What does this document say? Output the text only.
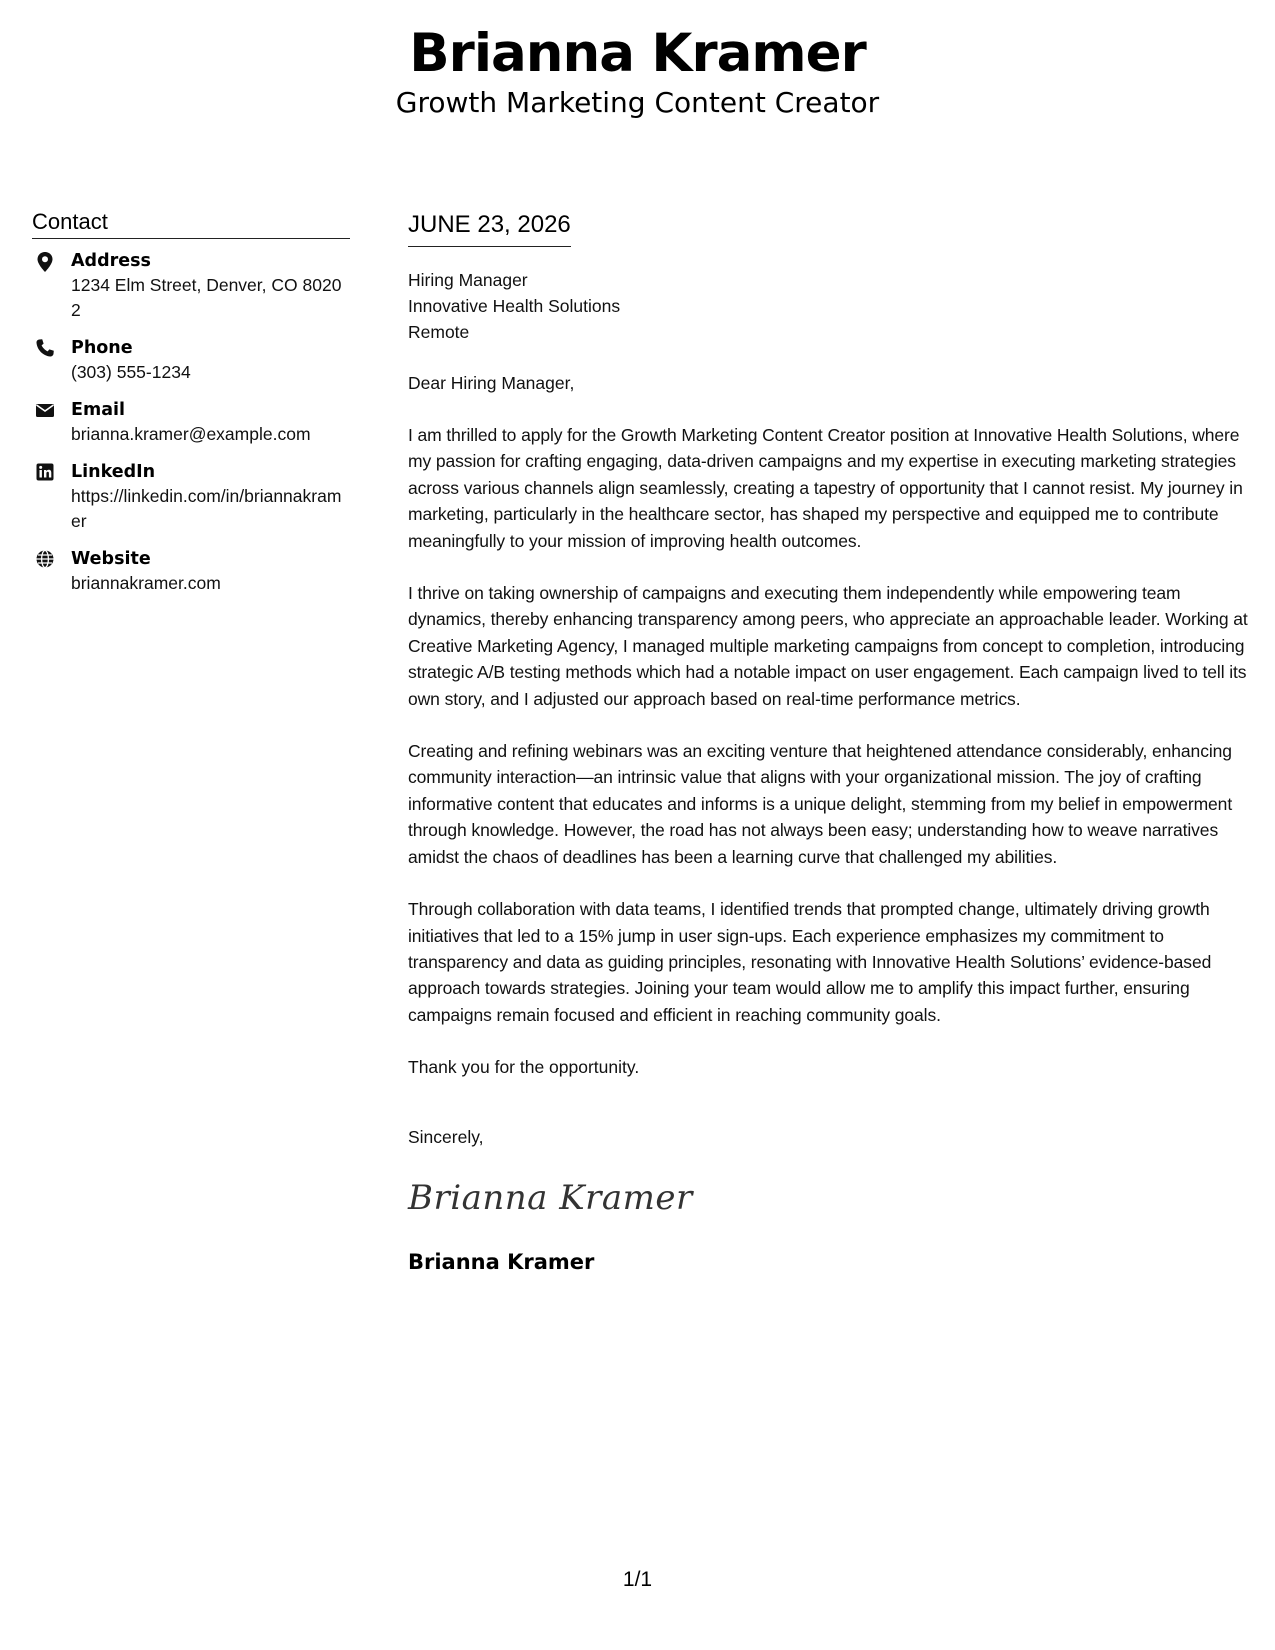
Brianna Kramer
Growth Marketing Content Creator
Contact
Address
1234 Elm Street, Denver, CO 80202
Phone
(303) 555-1234
Email
brianna.kramer@example.com
LinkedIn
https://linkedin.com/in/briannakramer
Website
briannakramer.com
JUNE 23, 2026
Hiring Manager
Innovative Health Solutions
Remote
Dear Hiring Manager,
I am thrilled to apply for the Growth Marketing Content Creator position at Innovative Health Solutions, where my passion for crafting engaging, data-driven campaigns and my expertise in executing marketing strategies across various channels align seamlessly, creating a tapestry of opportunity that I cannot resist. My journey in marketing, particularly in the healthcare sector, has shaped my perspective and equipped me to contribute meaningfully to your mission of improving health outcomes.
I thrive on taking ownership of campaigns and executing them independently while empowering team dynamics, thereby enhancing transparency among peers, who appreciate an approachable leader. Working at Creative Marketing Agency, I managed multiple marketing campaigns from concept to completion, introducing strategic A/B testing methods which had a notable impact on user engagement. Each campaign lived to tell its own story, and I adjusted our approach based on real-time performance metrics.
Creating and refining webinars was an exciting venture that heightened attendance considerably, enhancing community interaction—an intrinsic value that aligns with your organizational mission. The joy of crafting informative content that educates and informs is a unique delight, stemming from my belief in empowerment through knowledge. However, the road has not always been easy; understanding how to weave narratives amidst the chaos of deadlines has been a learning curve that challenged my abilities.
Through collaboration with data teams, I identified trends that prompted change, ultimately driving growth initiatives that led to a 15% jump in user sign-ups. Each experience emphasizes my commitment to transparency and data as guiding principles, resonating with Innovative Health Solutions’ evidence-based approach towards strategies. Joining your team would allow me to amplify this impact further, ensuring campaigns remain focused and efficient in reaching community goals.
Thank you for the opportunity.
Sincerely,
Brianna Kramer
Brianna Kramer
1/1
